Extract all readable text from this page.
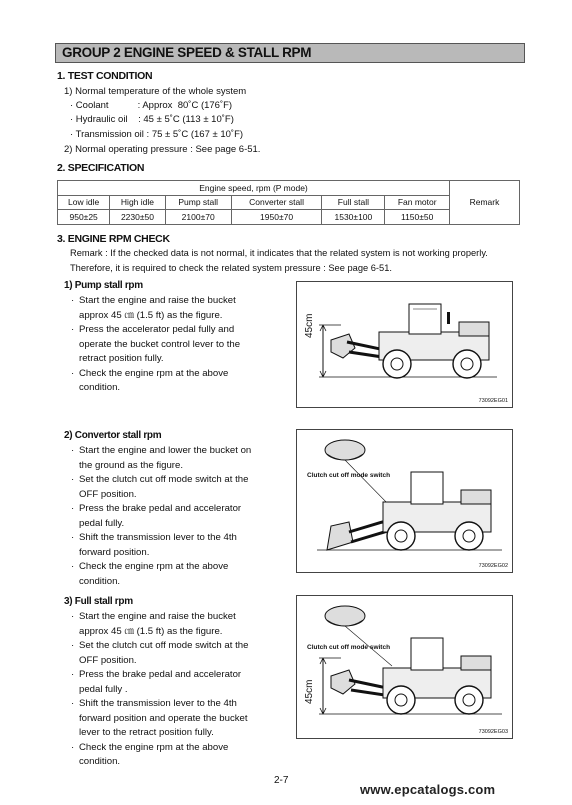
GROUP 2 ENGINE SPEED & STALL RPM
1. TEST CONDITION
1) Normal temperature of the whole system
· Coolant           : Approx  80˚C (176˚F)
· Hydraulic oil    : 45 ± 5˚C (113 ± 10˚F)
· Transmission oil : 75 ± 5˚C (167 ± 10˚F)
2) Normal operating pressure : See page 6-51.
2. SPECIFICATION
Engine speed, rpm (P mode)						Remark
Low idle	High idle	Pump stall	Converter stall	Full stall	Fan motor	
950±25	2230±50	2100±70	1950±70	1530±100	1150±50	
3. ENGINE RPM CHECK
Remark : If the checked data is not normal, it indicates that the related system is not working properly.
Therefore, it is required to check the related system pressure : See page 6-51.
1) Pump stall rpm
· Start the engine and raise the bucket
approx 45 ㎝ (1.5 ft) as the figure.
· Press the accelerator pedal fully and
operate the bucket control lever to the
retract position fully.
· Check the engine rpm at the above
condition.
2) Convertor stall rpm
· Start the engine and lower the bucket on
the ground as the figure.
· Set the clutch cut off mode switch at the
OFF position.
· Press the brake pedal and accelerator
pedal fully.
· Shift the transmission lever to the 4th
forward position.
· Check the engine rpm at the above
condition.
3) Full stall rpm
· Start the engine and raise the bucket
approx 45 ㎝ (1.5 ft) as the figure.
· Set the clutch cut off mode switch at the
OFF position.
· Press the brake pedal and accelerator
pedal fully .
· Shift the transmission lever to the 4th
forward position and operate the bucket
lever to the retract position fully.
· Check the engine rpm at the above
condition.
45cm
73092EG01
Clutch cut off mode switch
73092EG02
Clutch cut off mode switch
45cm
73092EG03
2-7
www.epcatalogs.com
